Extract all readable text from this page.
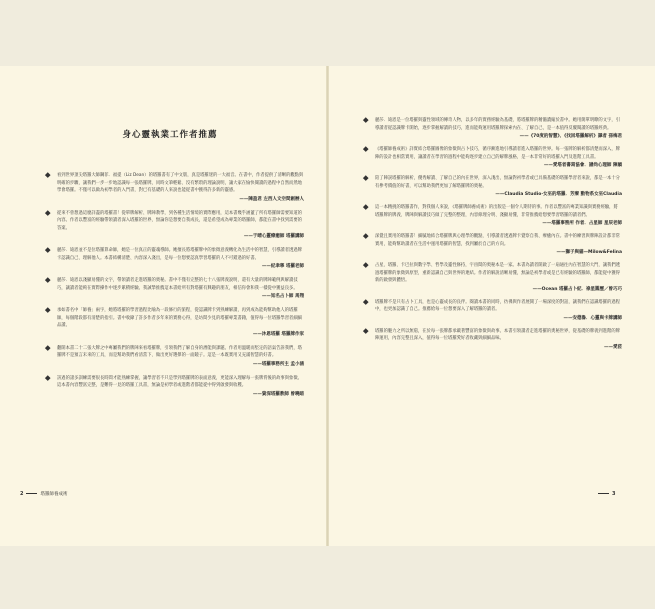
身心靈執業工作者推薦
看到世界頂尖塔羅大師鋼菲．福提（Liz Dean）的塔羅書有了中文版，真是塔羅迷的一大福音。在書中，作者提供了清晰的觀點與明確的步驟，讓我們一步一步地認識每一張塔羅牌，同時文筆輕鬆、沒有繁瑣的理論說明，讓大家在愉快閱讀的過程中自然而然地學會塔羅。不僅可以做為初學者的入門書，對已有基礎的人來說也能從書中獲得許多新的靈感。
——陳盈君 左西人文空間創辦人
從來不曾想過這麼詳盡的塔羅書！從單牌解析、牌陣教學，到各種生活情境的實際應用，這本書幾乎涵蓋了所有塔羅師需要知道的內容。作者以豐富的經驗帶領讀者深入塔羅的世界，無論你是想要自我成長，還是希望成為專業的塔羅師，都能在書中找到需要的答案。
——于晴心靈療癒師 塔羅講師
麗莎．迪恩並不是位塔羅算命師，她是一位真正的靈魂導師。她擅長將塔羅牌中的象徵意義轉化為生活中的智慧，引導讀者透過牌卡認識自己、理解他人。本書結構清楚、內容深入淺出，是每一位想要認真學習塔羅的人不可錯過的好書。
——紀聿寧 塔羅老師
麗莎．迪恩以淺顯易懂的文字，帶領讀者走進塔羅的奧秘。書中不僅有完整的七十八張牌義說明，還有大量的牌陣範例與解讀技巧，讓讀者能夠在實際操作中逐步累積經驗。我誠摯推薦這本書給所有對塔羅有興趣的朋友，相信你會和我一樣從中獲益良多。
——知名占卜師 馬翔
承如書名中「師養」兩字，她將塔羅的學習過程比喻為一段修行的旅程，從認識牌卡到熟練解讀，再到成為能夠幫助他人的塔羅師，每個階段都有清楚的指引。書中收錄了許多作者多年來的實務心得，是坊間少見的塔羅專業書籍，值得每一位塔羅學習者細細品讀。
——沐恩塔羅 塔羅牌作家
翻開本書二十二張大牌之中專屬我們的牌陣來看塔羅牌，引領我們了解自身的潛能與課題。作者用溫暖而堅定的語氣告訴我們，塔羅牌不是預言未來的工具，而是幫助我們看清當下、做出更好選擇的一面鏡子。這是一本既實用又充滿智慧的好書。
——塔羅事務所主 孟小涵
該過的諸多訓練需要很長時間才能熟練掌握，讓學習者不只是學到塔羅牌的表面意義，更能深入理解每一張牌背後的故事與象徵。這本書內容豐富完整，是難得一見的塔羅工具書，無論是初學者或進階者都能從中得到啟發與收穫。
——資深塔羅教師 曾曉暗
麗莎．迪恩是一位塔羅與靈性領域的傳奇人物，以多年的實務經驗為基礎，將塔羅牌的精髓濃縮於書中。她用簡單明瞭的文字，引導讀者從認識牌卡開始，逐步掌握解讀的技巧，進而能夠運用塔羅牌探索內在、了解自己，是一本值得反覆閱讀的塔羅經典。
——《70度的智慧》、《找回塔羅解析》譯者 孫梅君
《塔羅師養成術》詳實結合塔羅圖像的象徵與占卜技巧，循序漸進地引導讀者進入塔羅的世界。每一張牌的解析都清楚而深入，牌陣的設計也相當實用，讓讀者在學習的過程中能夠逐步建立自己的解牌風格，是一本非常好的塔羅入門及進階工具書。
——愛塔者書寫協會．譜尚心理師 陳韻
陪了陣誤塔羅的解析，優秀解讀、了解自己的內在世界，深入淺出，無論對初學者或已具備基礎的塔羅學習者來說，都是一本十分有參考價值的好書，可以幫助我們更加了解塔羅牌的奧秘。
——Claudia Studio·女巫的塔羅．芳療 動物系女巫Claudia
這一本精挑的塔羅書作，對我個人來說，《塔羅牌師養成術》的出版是一個令人期待的事。作者以豐富的專業知識與實務經驗，將塔羅牌的牌義、牌陣與解讀技巧做了完整的整理，內容條理分明、淺顯易懂，非常推薦給想要學習塔羅的讀者們。
——塔羅事務所 作者．占星師 星辰老師
深覺且實用的塔羅書！細膩地結合塔羅牌與心理學的觀點，引導讀者透過牌卡覺察自我、療癒內在。書中的練習與牌陣設計都非常實用，能夠幫助讀者在生活中運用塔羅的智慧，找到屬於自己的方向。
——獅子與貓—Milow&Felina
占星、塔羅、卡巴拉與數字學、哲學及靈性修持，宇宙間的奧秘本是一家。本書為讀者開啟了一扇通往內在智慧的大門，讓我們透過塔羅牌的象徵與原型，重新認識自己與世界的連結。作者的解說清晰易懂，無論是初學者或是已有經驗的塔羅師，都能從中獲得新的啟發與體悟。
——Ocean 塔羅占卜紀．祿星圓歷／曾巧巧
塔羅牌不是只有占卜工具，也是心靈成長的良伴。閱讀本書的同時，彷彿與作者展開了一場深度的對話，讓我們在認識塔羅的過程中，也更加認識了自己。推薦給每一位想要深入了解塔羅的讀者。
——安德魯．心靈與卡牌講師
塔羅的魅力之所以無窮，在於每一張牌都承載著豐富的象徵與故事。本書引領讀者走進塔羅的奧秘世界，從基礎的牌義到進階的牌陣運用，內容完整且深入，值得每一位塔羅愛好者收藏與細細品味。
——愛菈
2	塔羅師養成術	3
